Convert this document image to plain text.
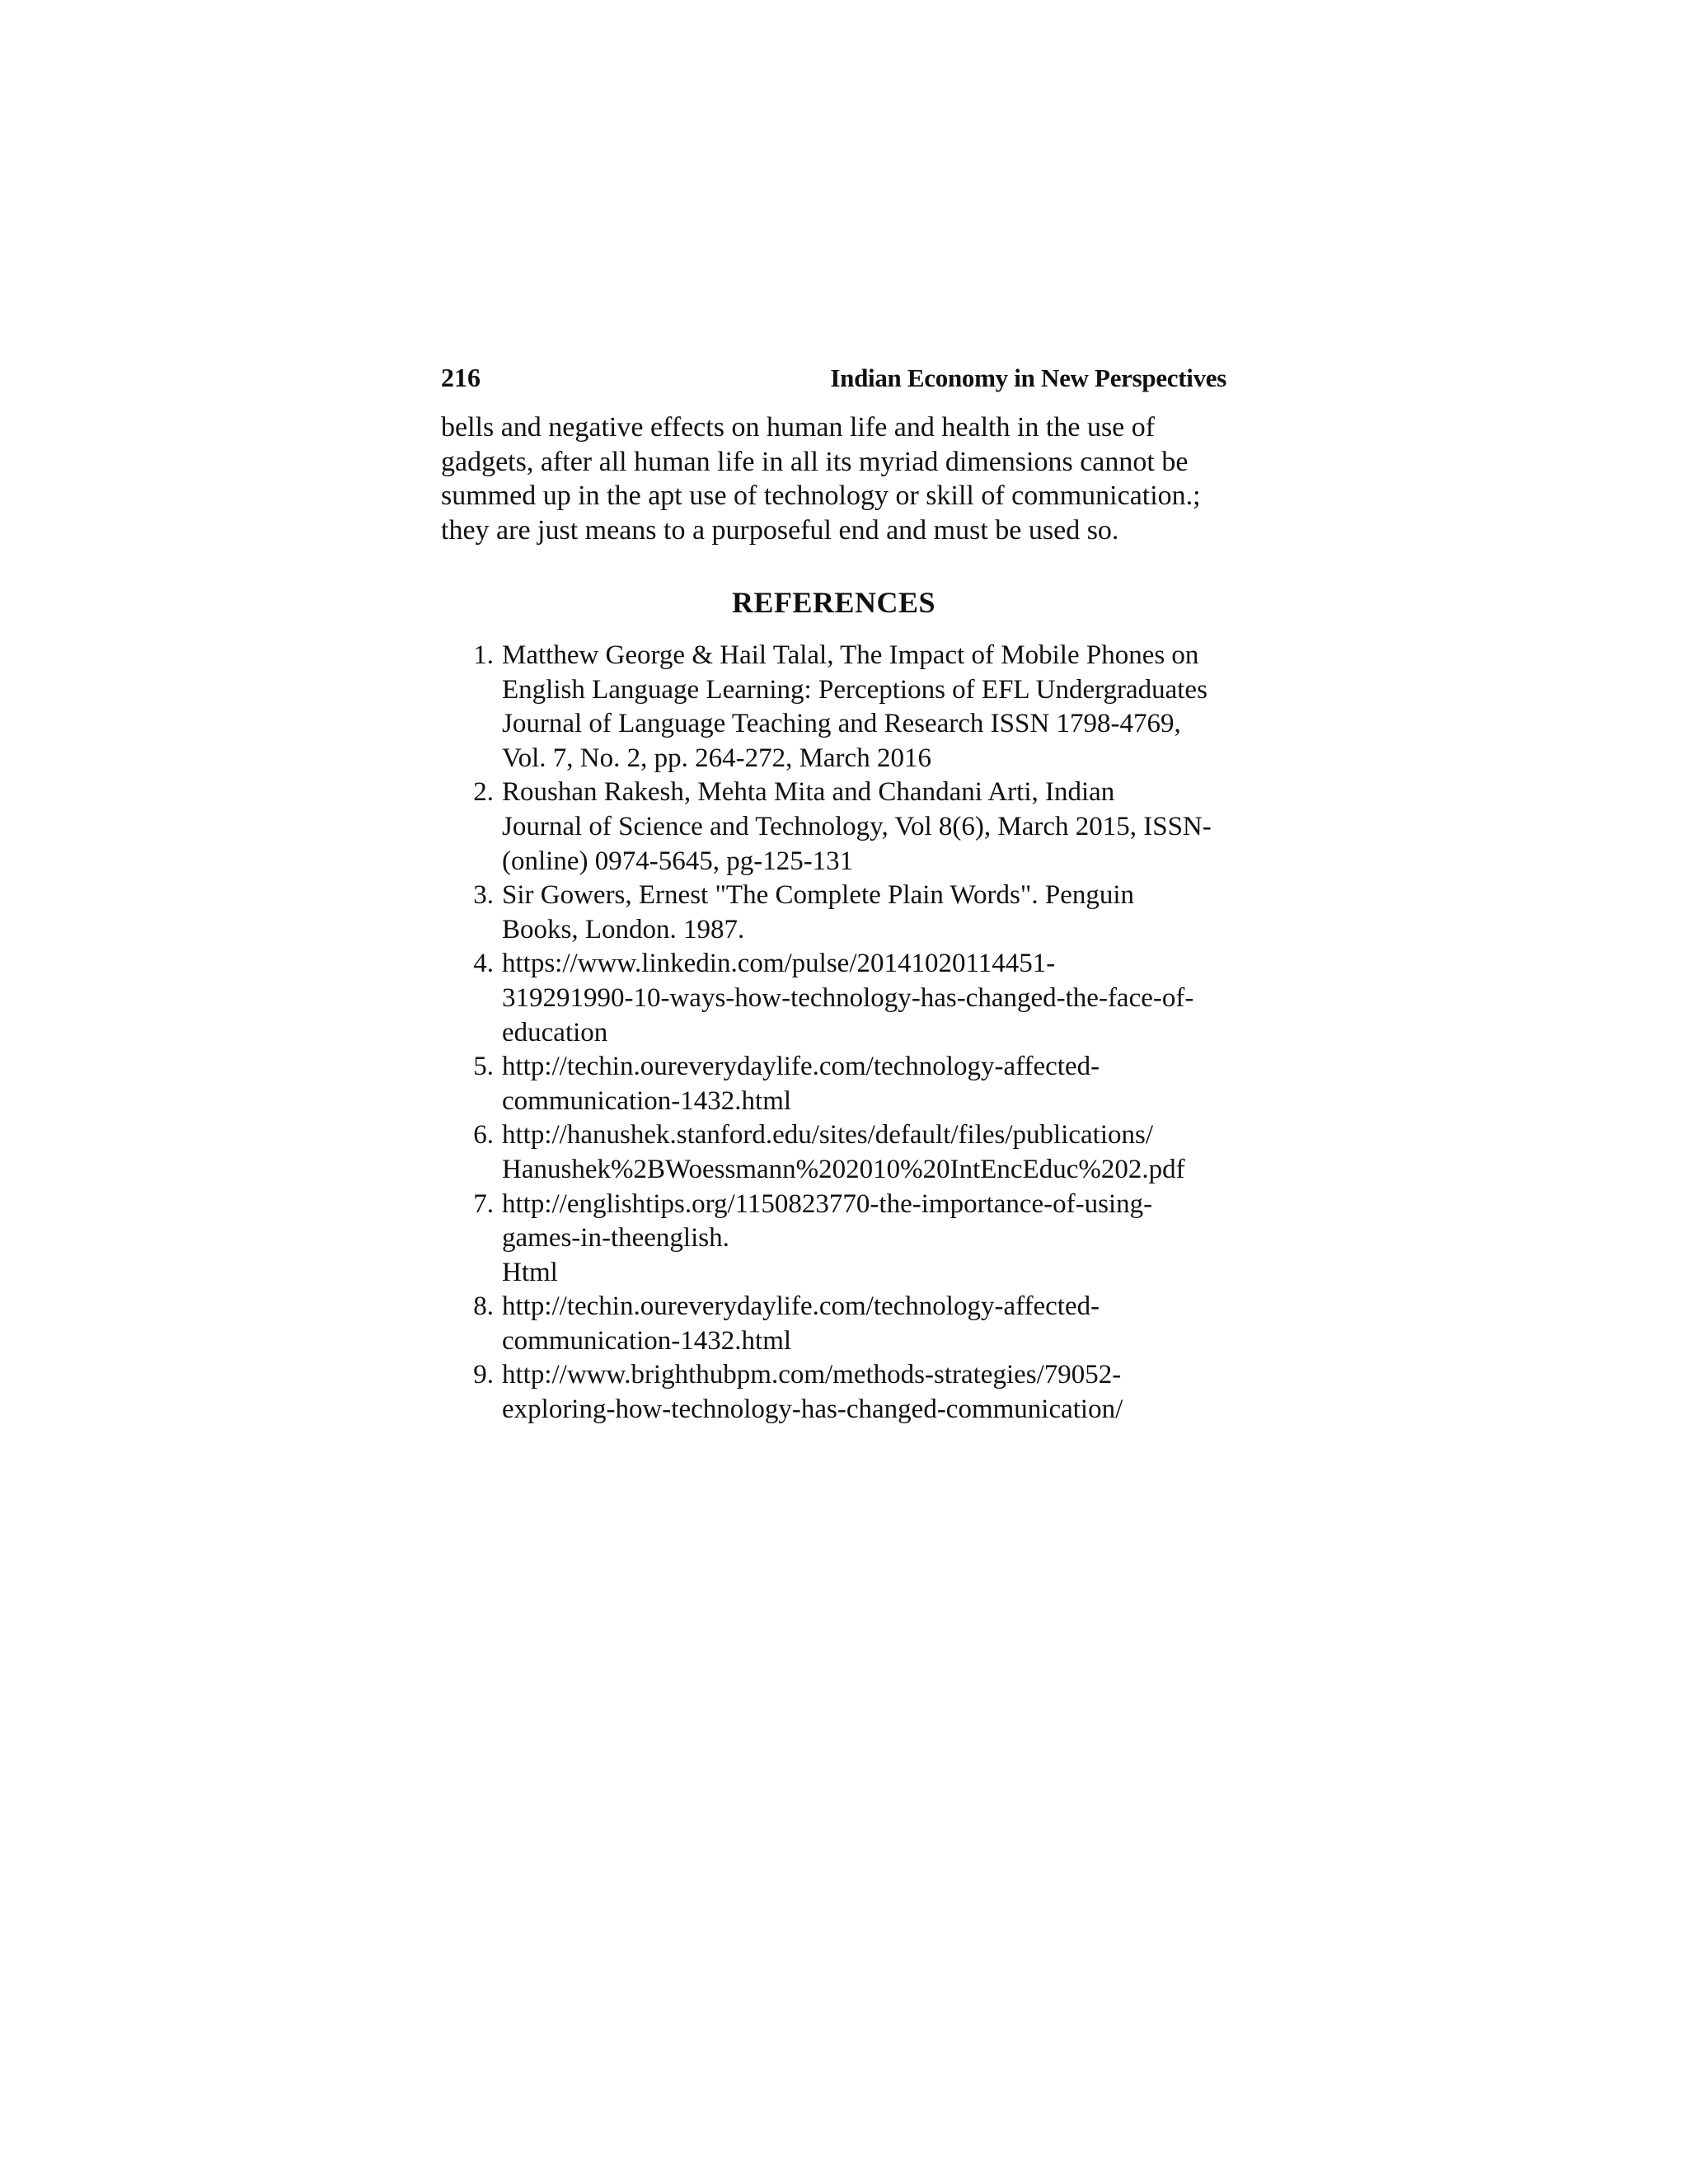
216	Indian Economy in New Perspectives

bells and negative effects on human life and health in the use of
gadgets, after all human life in all its myriad dimensions cannot be
summed up in the apt use of technology or skill of communication.;
they are just means to a purposeful end and must be used so.

REFERENCES
1. Matthew George & Hail Talal, The Impact of Mobile Phones on
English Language Learning: Perceptions of EFL Undergraduates
Journal of Language Teaching and Research ISSN 1798-4769,
Vol. 7, No. 2, pp. 264-272, March 2016
2. Roushan Rakesh, Mehta Mita and Chandani Arti, Indian
Journal of Science and Technology, Vol 8(6), March 2015, ISSN-
(online) 0974-5645, pg-125-131
3. Sir Gowers, Ernest "The Complete Plain Words". Penguin
Books, London. 1987.
4. https://www.linkedin.com/pulse/20141020114451-
319291990-10-ways-how-technology-has-changed-the-face-of-
education
5. http://techin.oureverydaylife.com/technology-affected-
communication-1432.html
6. http://hanushek.stanford.edu/sites/default/files/publications/
Hanushek%2BWoessmann%202010%20IntEncEduc%202.pdf
7. http://englishtips.org/1150823770-the-importance-of-using-
games-in-theenglish.
Html
8. http://techin.oureverydaylife.com/technology-affected-
communication-1432.html
9. http://www.brighthubpm.com/methods-strategies/79052-
exploring-how-technology-has-changed-communication/
